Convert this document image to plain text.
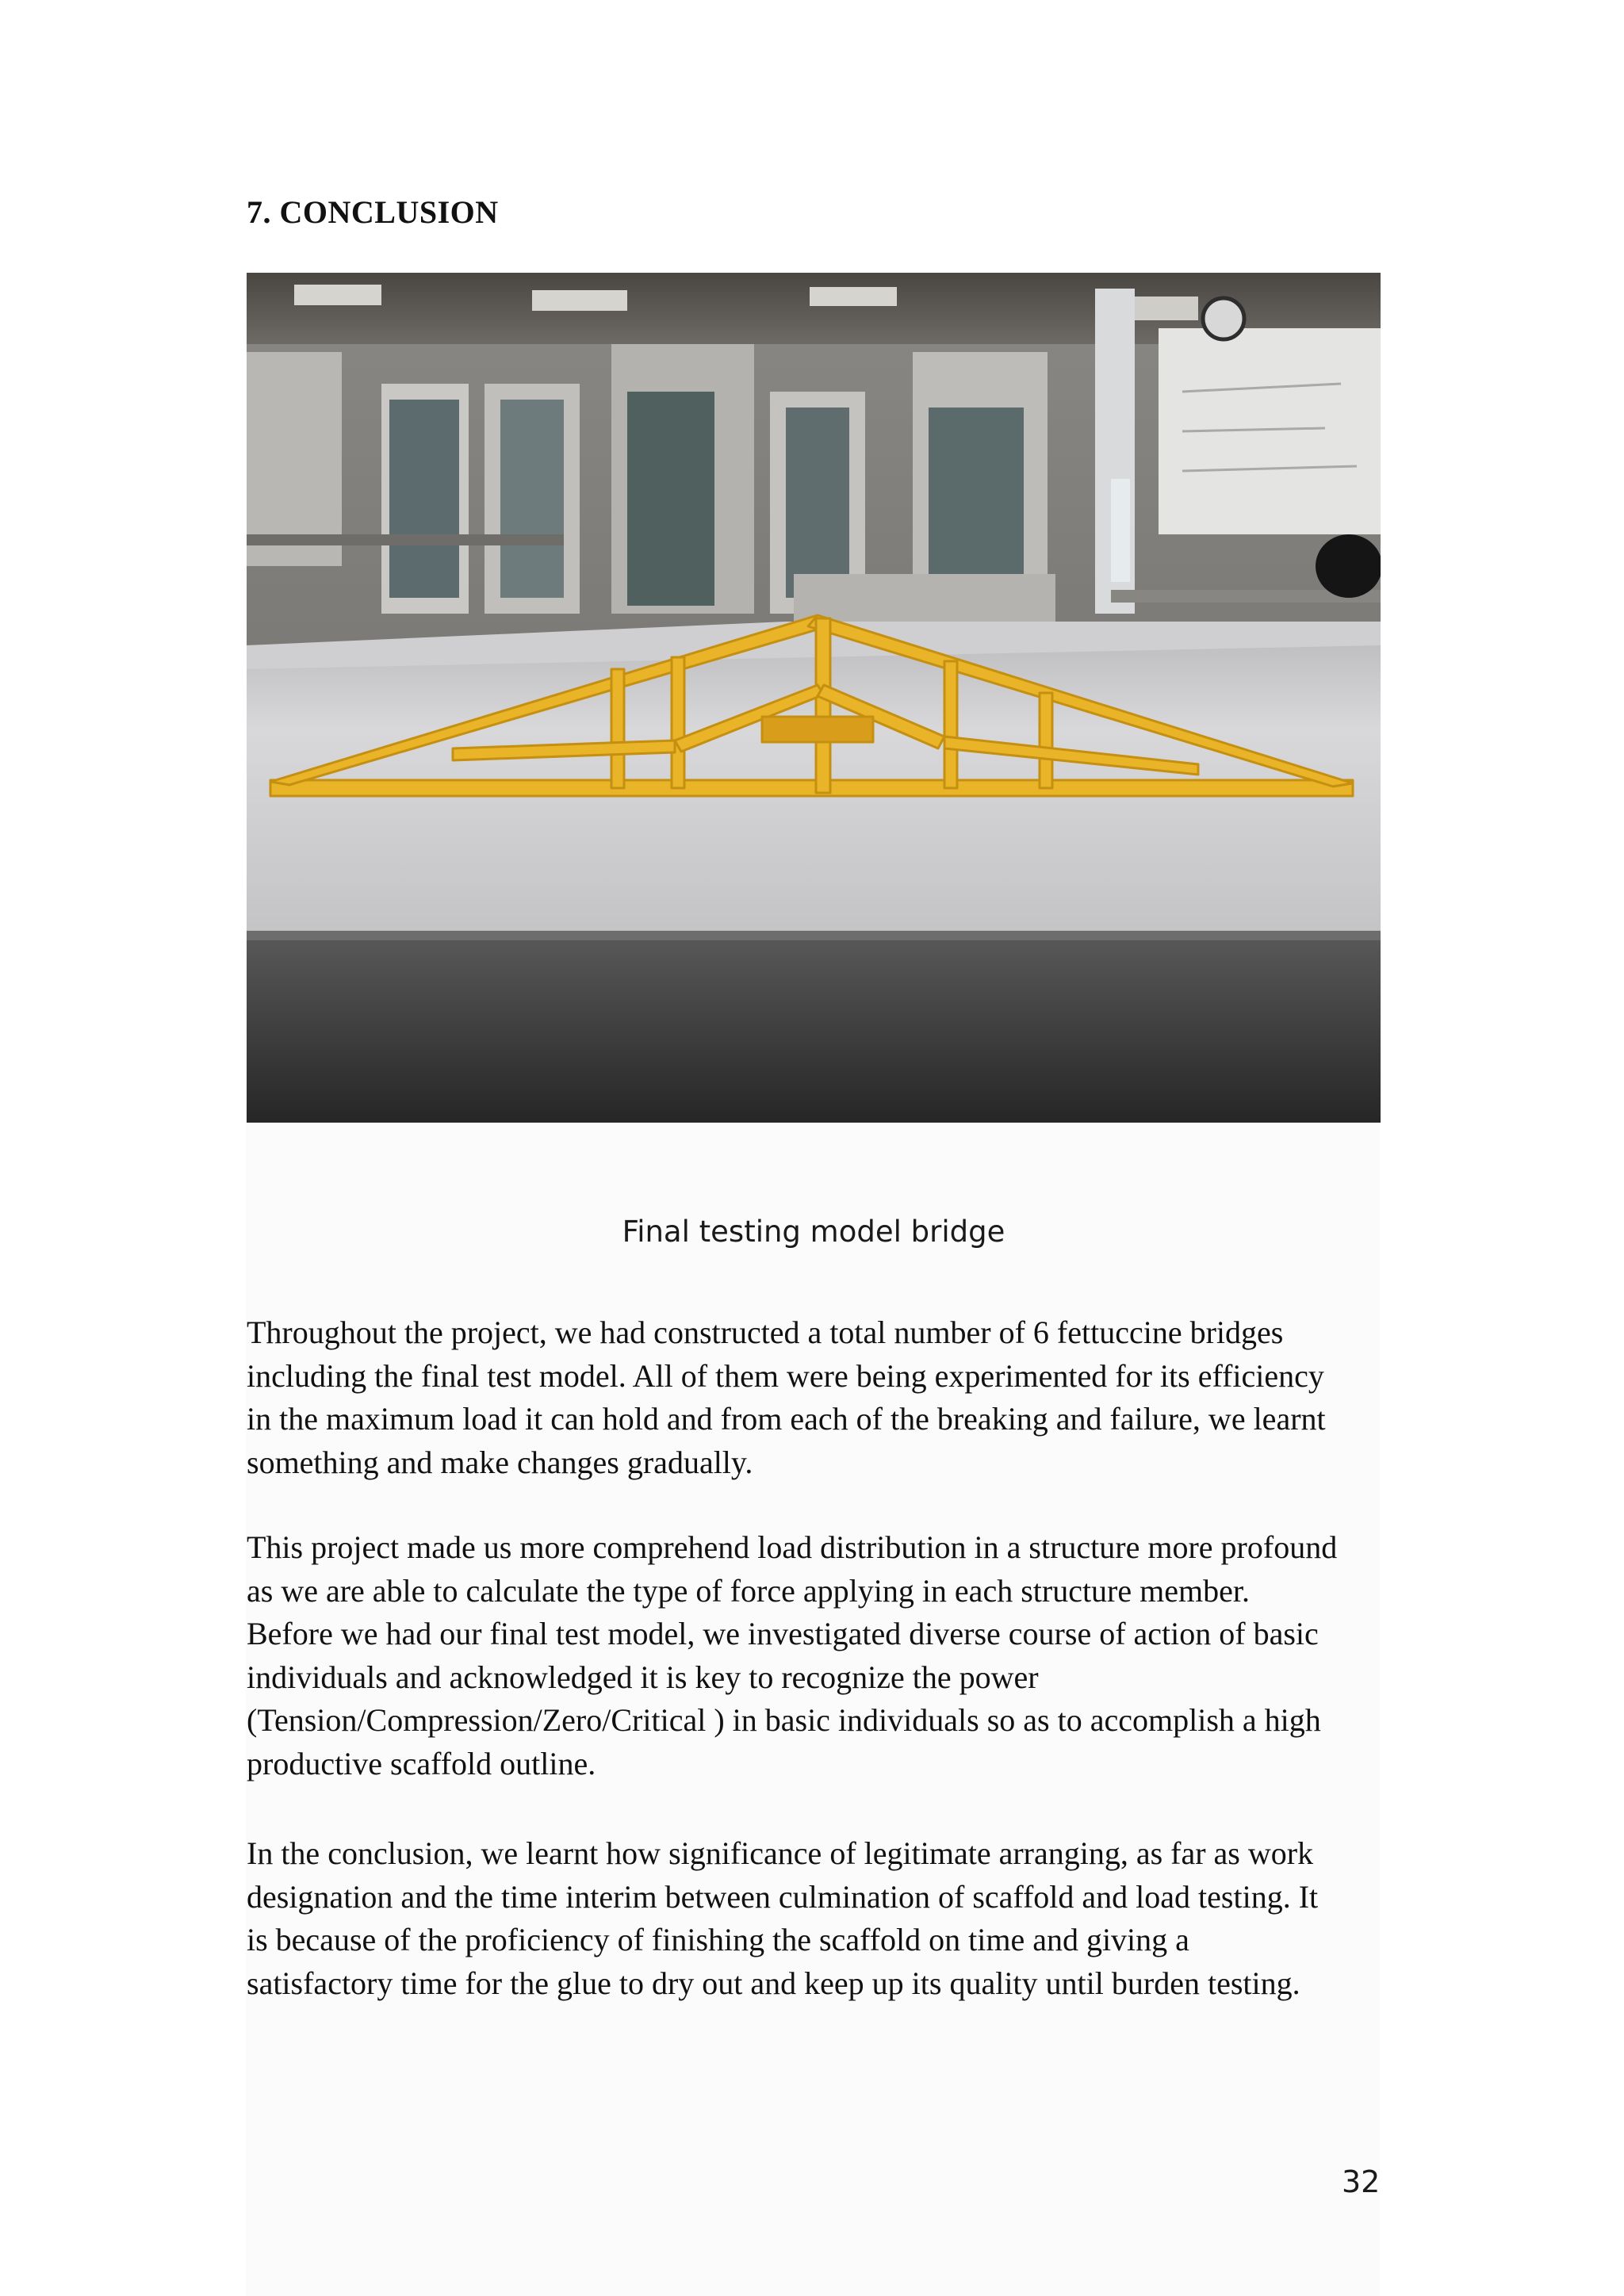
7. CONCLUSION

Final testing model bridge

Throughout the project, we had constructed a total number of 6 fettuccine bridges
including the final test model. All of them were being experimented for its efficiency
in the maximum load it can hold and from each of the breaking and failure, we learnt
something and make changes gradually.

This project made us more comprehend load distribution in a structure more profound
as we are able to calculate the type of force applying in each structure member.
Before we had our final test model, we investigated diverse course of action of basic
individuals and acknowledged it is key to recognize the power
(Tension/Compression/Zero/Critical ) in basic individuals so as to accomplish a high
productive scaffold outline.

In the conclusion, we learnt how significance of legitimate arranging, as far as work
designation and the time interim between culmination of scaffold and load testing. It
is because of the proficiency of finishing the scaffold on time and giving a
satisfactory time for the glue to dry out and keep up its quality until burden testing.

32
